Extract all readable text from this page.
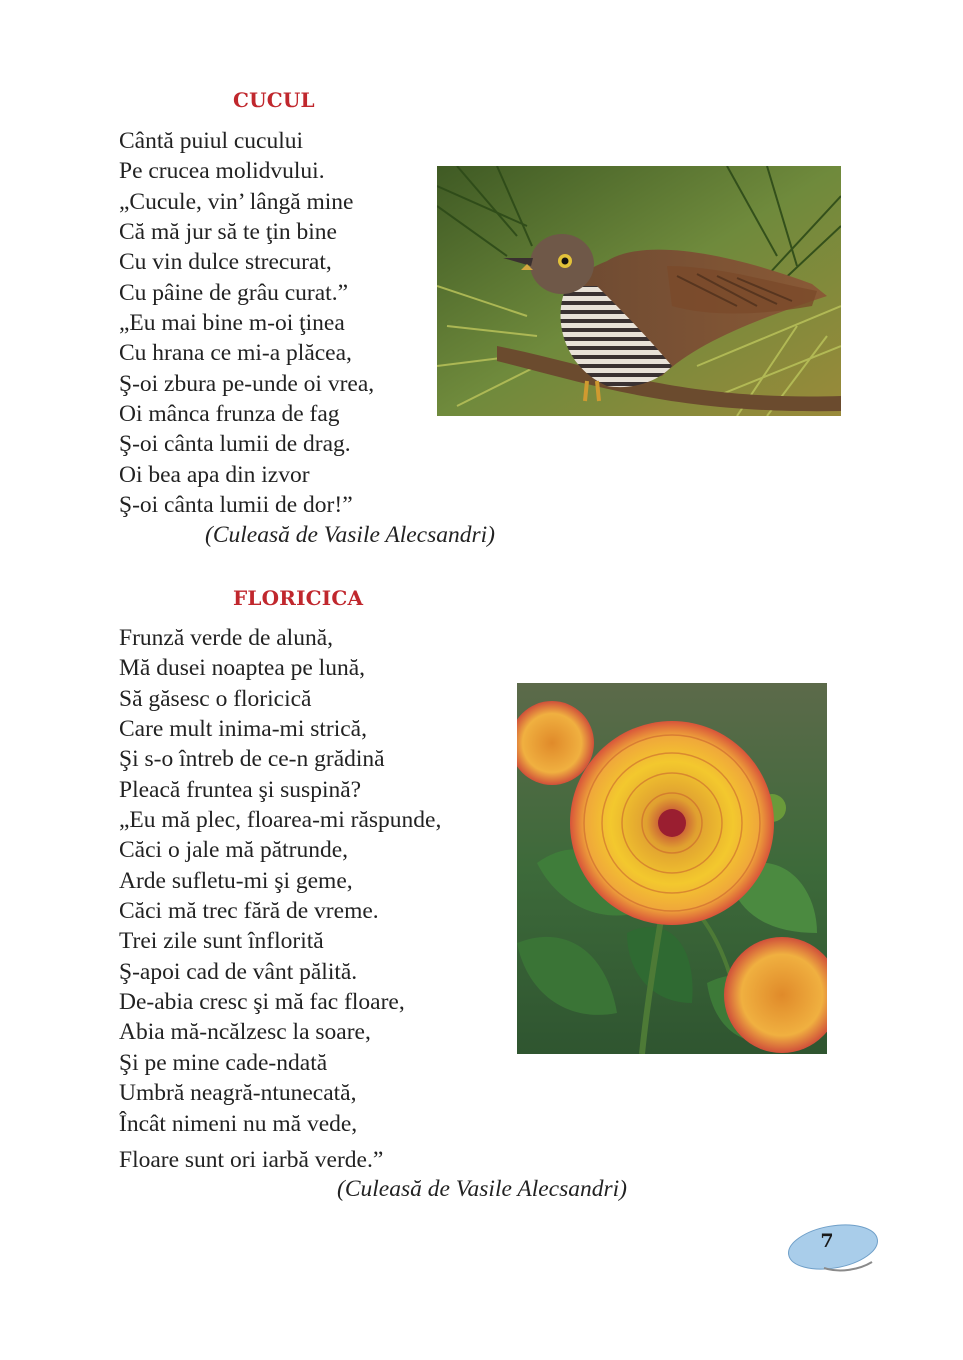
CUCUL
Cântă puiul cucului
Pe crucea molidvului.
„Cucule, vin’ lângă mine
Că mă jur să te ţin bine
Cu vin dulce strecurat,
Cu pâine de grâu curat.”
„Eu mai bine m-oi ţinea
Cu hrana ce mi-a plăcea,
Ş-oi zbura pe-unde oi vrea,
Oi mânca frunza de fag
Ş-oi cânta lumii de drag.
Oi bea apa din izvor
Ş-oi cânta lumii de dor!”

(Culeasă de Vasile Alecsandri)

FLORICICA
Frunză verde de alună,
Mă dusei noaptea pe lună,
Să găsesc o floricică
Care mult inima-mi strică,
Şi s-o întreb de ce-n grădină
Pleacă fruntea şi suspină?
„Eu mă plec, floarea-mi răspunde,
Căci o jale mă pătrunde,
Arde sufletu-mi şi geme,
Căci mă trec fără de vreme.
Trei zile sunt înflorită
Ş-apoi cad de vânt pălită.
De-abia cresc şi mă fac floare,
Abia mă-ncălzesc la soare,
Şi pe mine cade-ndată
Umbră neagră-ntunecată,
Încât nimeni nu mă vede,
Floare sunt ori iarbă verde.”

(Culeasă de Vasile Alecsandri)

7
